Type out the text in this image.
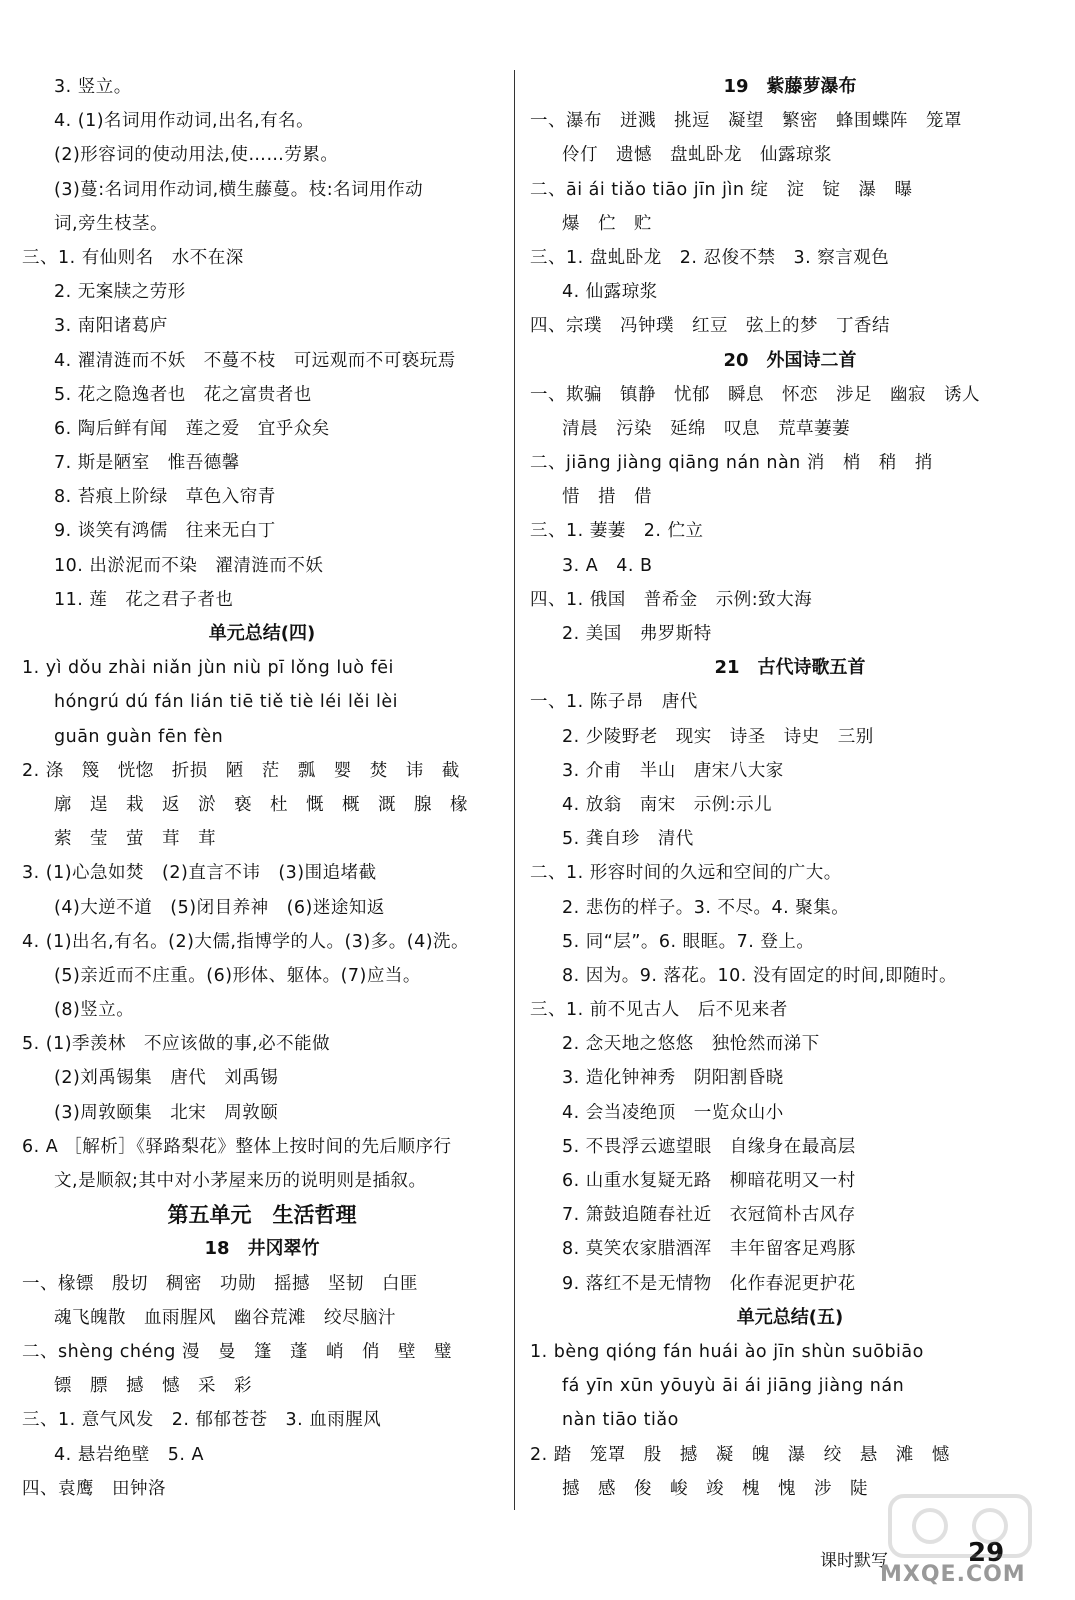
3. 竖立。
4. (1)名词用作动词,出名,有名。
(2)形容词的使动用法,使……劳累。
(3)蔓:名词用作动词,横生藤蔓。枝:名词用作动
词,旁生枝茎。
三、1. 有仙则名　水不在深
2. 无案牍之劳形
3. 南阳诸葛庐
4. 濯清涟而不妖　不蔓不枝　可远观而不可亵玩焉
5. 花之隐逸者也　花之富贵者也
6. 陶后鲜有闻　莲之爱　宜乎众矣
7. 斯是陋室　惟吾德馨
8. 苔痕上阶绿　草色入帘青
9. 谈笑有鸿儒　往来无白丁
10. 出淤泥而不染　濯清涟而不妖
11. 莲　花之君子者也
单元总结(四)
1. yì dǒu zhài niǎn jùn niù pī lǒng luò fēi
hóngrú dú fán lián tiē tiě tiè léi lěi lèi
guān guàn fēn fèn
2. 涤　篾　恍惚　折损　陋　茫　瓢　婴　焚　讳　截
廓　逞　栽　返　淤　亵　杜　慨　概　溉　腺　椽
萦　莹　萤　茸　茸
3. (1)心急如焚　(2)直言不讳　(3)围追堵截
(4)大逆不道　(5)闭目养神　(6)迷途知返
4. (1)出名,有名。(2)大儒,指博学的人。(3)多。(4)洗。
(5)亲近而不庄重。(6)形体、躯体。(7)应当。
(8)竖立。
5. (1)季羡林　不应该做的事,必不能做
(2)刘禹锡集　唐代　刘禹锡
(3)周敦颐集　北宋　周敦颐
6. A ［解析］《驿路梨花》整体上按时间的先后顺序行
文,是顺叙;其中对小茅屋来历的说明则是插叙。
第五单元　生活哲理
18　井冈翠竹
一、椽镖　殷切　稠密　功勋　摇撼　坚韧　白匪
魂飞魄散　血雨腥风　幽谷荒滩　绞尽脑汁
二、shèng chéng 漫　曼　篷　蓬　峭　俏　壁　璧
镖　膘　撼　憾　采　彩
三、1. 意气风发　2. 郁郁苍苍　3. 血雨腥风
4. 悬岩绝壁　5. A
四、袁鹰　田钟洛
19　紫藤萝瀑布
一、瀑布　迸溅　挑逗　凝望　繁密　蜂围蝶阵　笼罩
伶仃　遗憾　盘虬卧龙　仙露琼浆
二、āi ái tiǎo tiāo jīn jìn 绽　淀　锭　瀑　曝
爆　伫　贮
三、1. 盘虬卧龙　2. 忍俊不禁　3. 察言观色
4. 仙露琼浆
四、宗璞　冯钟璞　红豆　弦上的梦　丁香结
20　外国诗二首
一、欺骗　镇静　忧郁　瞬息　怀恋　涉足　幽寂　诱人
清晨　污染　延绵　叹息　荒草萋萋
二、jiāng jiàng qiāng nán nàn 消　梢　稍　捎
惜　措　借
三、1. 萋萋　2. 伫立
3. A　4. B
四、1. 俄国　普希金　示例:致大海
2. 美国　弗罗斯特
21　古代诗歌五首
一、1. 陈子昂　唐代
2. 少陵野老　现实　诗圣　诗史　三别
3. 介甫　半山　唐宋八大家
4. 放翁　南宋　示例:示儿
5. 龚自珍　清代
二、1. 形容时间的久远和空间的广大。
2. 悲伤的样子。3. 不尽。4. 聚集。
5. 同“层”。6. 眼眶。7. 登上。
8. 因为。9. 落花。10. 没有固定的时间,即随时。
三、1. 前不见古人　后不见来者
2. 念天地之悠悠　独怆然而涕下
3. 造化钟神秀　阴阳割昏晓
4. 会当凌绝顶　一览众山小
5. 不畏浮云遮望眼　自缘身在最高层
6. 山重水复疑无路　柳暗花明又一村
7. 箫鼓追随春社近　衣冠简朴古风存
8. 莫笑农家腊酒浑　丰年留客足鸡豚
9. 落红不是无情物　化作春泥更护花
单元总结(五)
1. bèng qióng fán huái ào jīn shùn suōbiāo
fá yīn xūn yōuyù āi ái jiāng jiàng nán
nàn tiāo tiǎo
2. 踏　笼罩　殷　撼　凝　魄　瀑　绞　悬　滩　憾
撼　感　俊　峻　竣　槐　愧　涉　陡
课时默写	29
MXQE.COM
